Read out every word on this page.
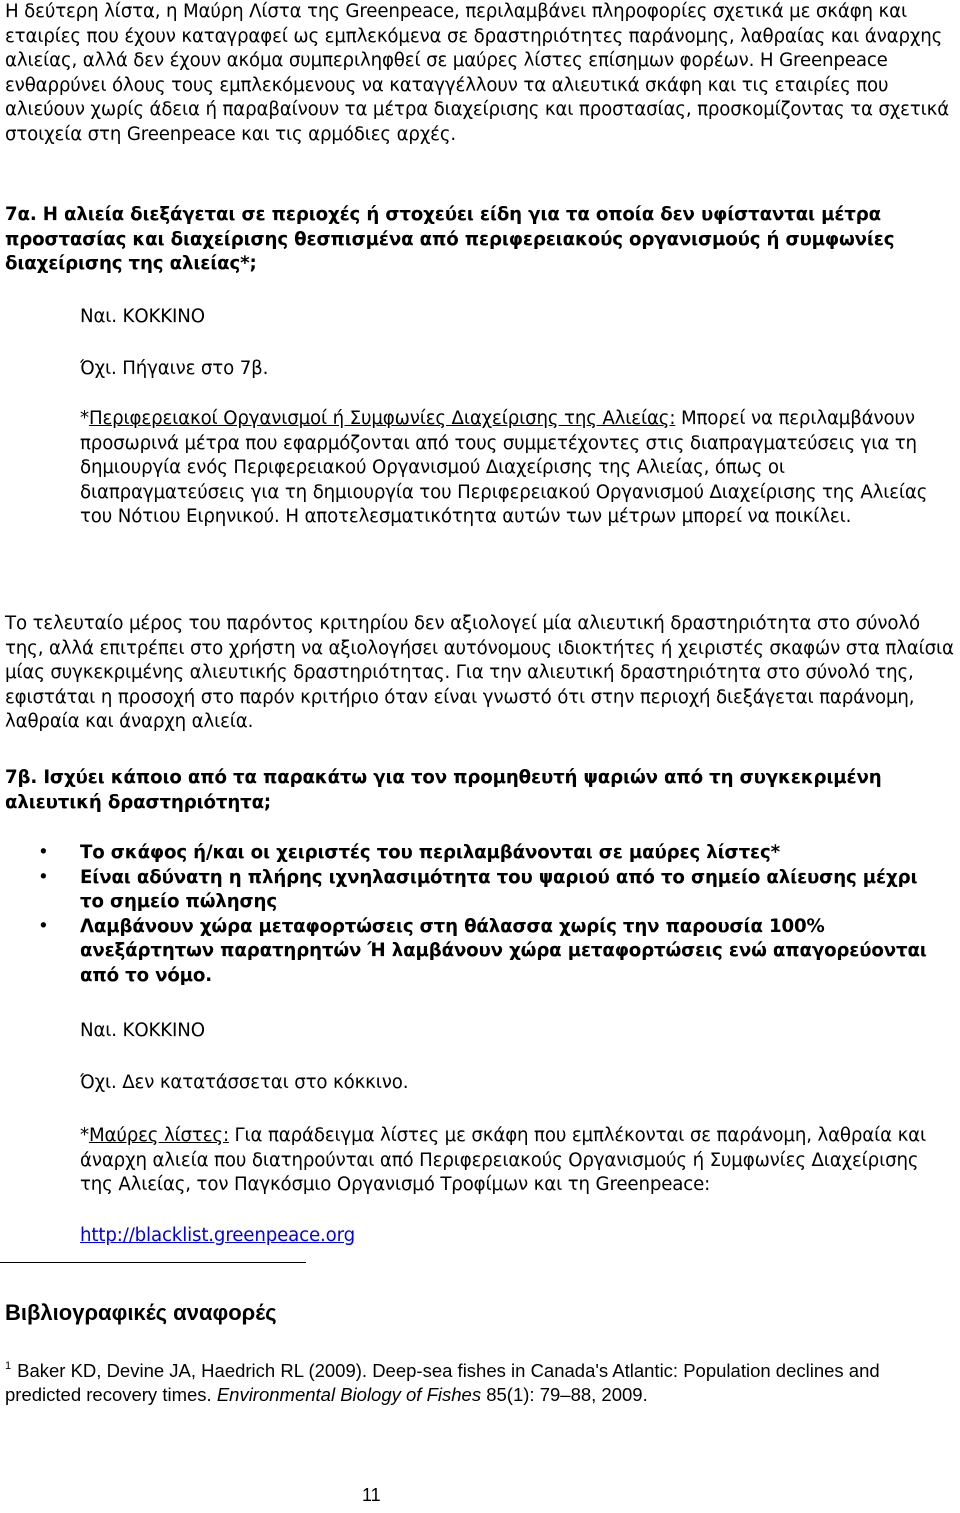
Η δεύτερη λίστα, η Μαύρη Λίστα της Greenpeace, περιλαμβάνει πληροφορίες σχετικά με σκάφη και εταιρίες που έχουν καταγραφεί ως εμπλεκόμενα σε δραστηριότητες παράνομης, λαθραίας και άναρχης αλιείας, αλλά δεν έχουν ακόμα συμπεριληφθεί σε μαύρες λίστες επίσημων φορέων. Η Greenpeace ενθαρρύνει όλους τους εμπλεκόμενους να καταγγέλλουν τα αλιευτικά σκάφη και τις εταιρίες που αλιεύουν χωρίς άδεια ή παραβαίνουν τα μέτρα διαχείρισης και προστασίας, προσκομίζοντας τα σχετικά στοιχεία στη Greenpeace και τις αρμόδιες αρχές.

7α. Η αλιεία διεξάγεται σε περιοχές ή στοχεύει είδη για τα οποία δεν υφίστανται μέτρα προστασίας και διαχείρισης θεσπισμένα από περιφερειακούς οργανισμούς ή συμφωνίες διαχείρισης της αλιείας*;

Ναι. ΚΟΚΚΙΝΟ

Όχι. Πήγαινε στο 7β.

*Περιφερειακοί Οργανισμοί ή Συμφωνίες Διαχείρισης της Αλιείας: Μπορεί να περιλαμβάνουν προσωρινά μέτρα που εφαρμόζονται από τους συμμετέχοντες στις διαπραγματεύσεις για τη δημιουργία ενός Περιφερειακού Οργανισμού Διαχείρισης της Αλιείας, όπως οι διαπραγματεύσεις για τη δημιουργία του Περιφερειακού Οργανισμού Διαχείρισης της Αλιείας του Νότιου Ειρηνικού. Η αποτελεσματικότητα αυτών των μέτρων μπορεί να ποικίλει.

Το τελευταίο μέρος του παρόντος κριτηρίου δεν αξιολογεί μία αλιευτική δραστηριότητα στο σύνολό της, αλλά επιτρέπει στο χρήστη να αξιολογήσει αυτόνομους ιδιοκτήτες ή χειριστές σκαφών στα πλαίσια μίας συγκεκριμένης αλιευτικής δραστηριότητας. Για την αλιευτική δραστηριότητα στο σύνολό της, εφιστάται η προσοχή στο παρόν κριτήριο όταν είναι γνωστό ότι στην περιοχή διεξάγεται παράνομη, λαθραία και άναρχη αλιεία.

7β. Ισχύει κάποιο από τα παρακάτω για τον προμηθευτή ψαριών από τη συγκεκριμένη αλιευτική δραστηριότητα;

• Το σκάφος ή/και οι χειριστές του περιλαμβάνονται σε μαύρες λίστες*
• Είναι αδύνατη η πλήρης ιχνηλασιμότητα του ψαριού από το σημείο αλίευσης μέχρι το σημείο πώλησης
• Λαμβάνουν χώρα μεταφορτώσεις στη θάλασσα χωρίς την παρουσία 100% ανεξάρτητων παρατηρητών Ή λαμβάνουν χώρα μεταφορτώσεις ενώ απαγορεύονται από το νόμο.

Ναι. ΚΟΚΚΙΝΟ

Όχι. Δεν κατατάσσεται στο κόκκινο.

*Μαύρες λίστες: Για παράδειγμα λίστες με σκάφη που εμπλέκονται σε παράνομη, λαθραία και άναρχη αλιεία που διατηρούνται από Περιφερειακούς Οργανισμούς ή Συμφωνίες Διαχείρισης της Αλιείας, τον Παγκόσμιο Οργανισμό Τροφίμων και τη Greenpeace:

http://blacklist.greenpeace.org

Βιβλιογραφικές αναφορές

$^1$ Baker KD, Devine JA, Haedrich RL (2009). Deep-sea fishes in Canada's Atlantic: Population declines and predicted recovery times. Environmental Biology of Fishes 85(1): 79–88, 2009.

11
